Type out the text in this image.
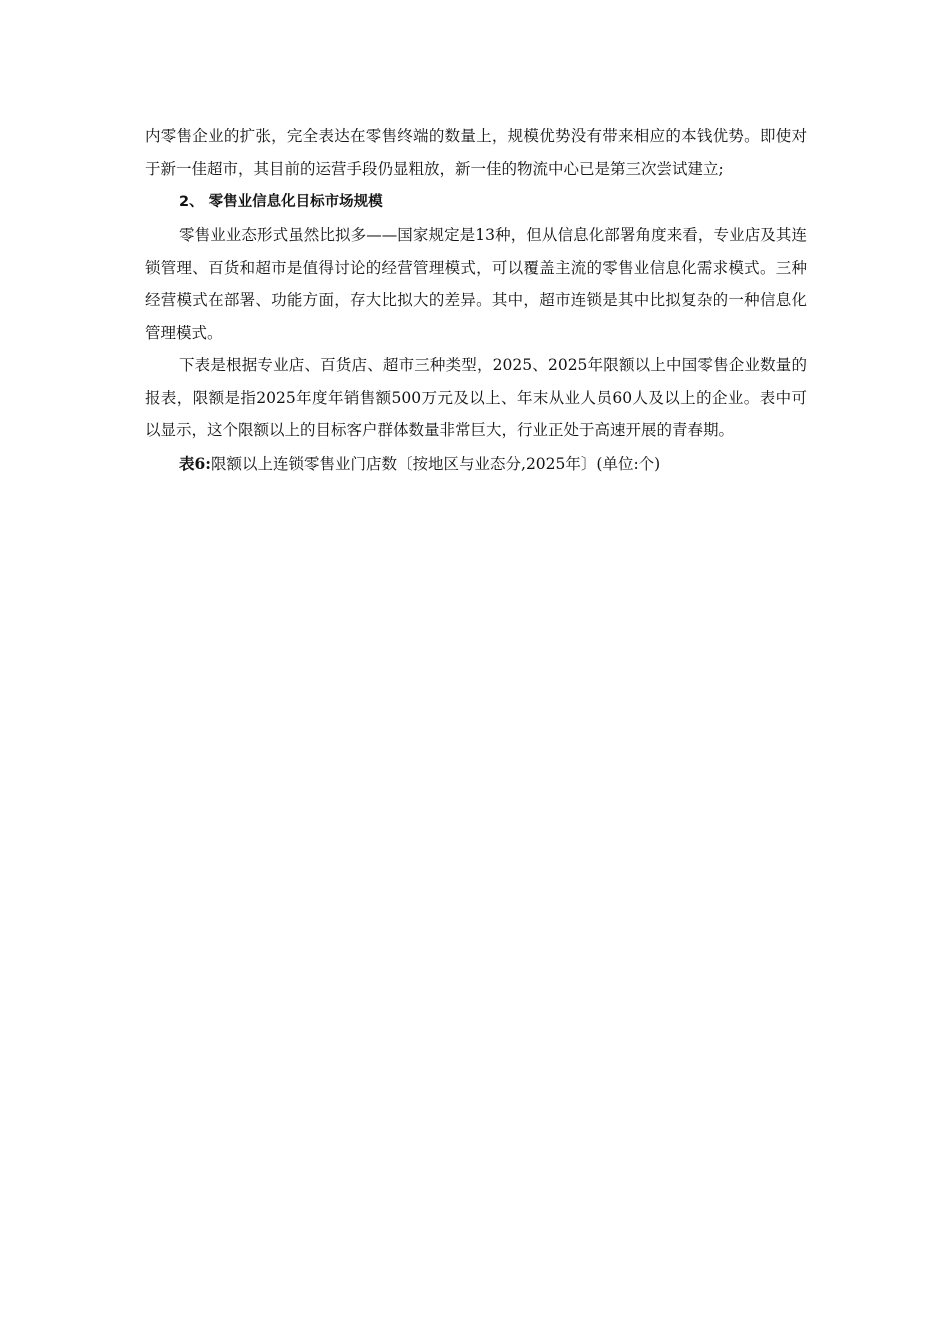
内零售企业的扩张，完全表达在零售终端的数量上，规模优势没有带来相应的本钱优势。即使对于新一佳超市，其目前的运营手段仍显粗放，新一佳的物流中心已是第三次尝试建立;

2、 零售业信息化目标市场规模

零售业业态形式虽然比拟多——国家规定是13种，但从信息化部署角度来看，专业店及其连锁管理、百货和超市是值得讨论的经营管理模式，可以覆盖主流的零售业信息化需求模式。三种经营模式在部署、功能方面，存大比拟大的差异。其中，超市连锁是其中比拟复杂的一种信息化管理模式。

下表是根据专业店、百货店、超市三种类型，2025、2025年限额以上中国零售企业数量的报表，限额是指2025年度年销售额500万元及以上、年末从业人员60人及以上的企业。表中可以显示，这个限额以上的目标客户群体数量非常巨大，行业正处于高速开展的青春期。

表6:限额以上连锁零售业门店数〔按地区与业态分,2025年〕(单位:个)
